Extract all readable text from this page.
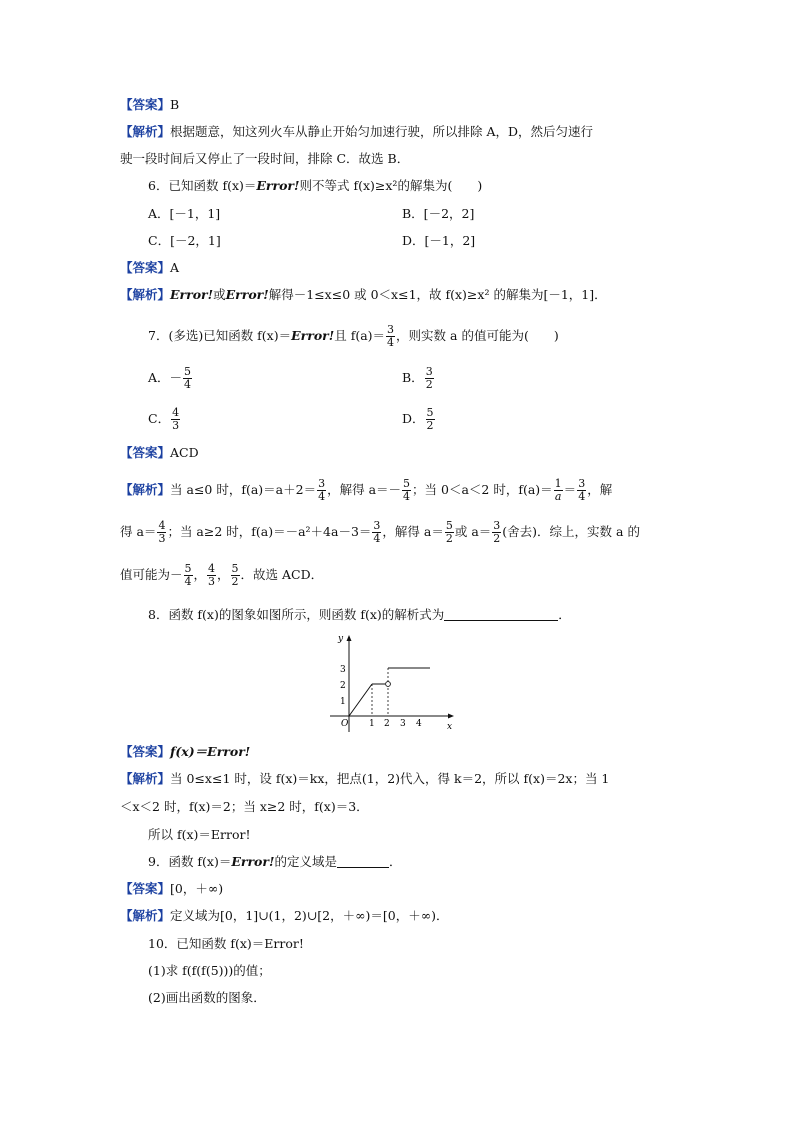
【答案】B
【解析】根据题意，知这列火车从静止开始匀加速行驶，所以排除 A，D，然后匀速行
驶一段时间后又停止了一段时间，排除 C．故选 B．
6．已知函数 f(x)＝Error!则不等式 f(x)≥x²的解集为(　　)
A．[－1，1]	B．[－2，2]
C．[－2，1]	D．[－1，2]
【答案】A
【解析】Error!或Error!解得－1≤x≤0 或 0＜x≤1，故 f(x)≥x² 的解集为[－1，1]．
7．(多选)已知函数 f(x)＝Error!且 $f(a)= \frac{3}{4}$ ，则实数 a 的值可能为(　　)
A．－ $\frac{5}{4}$	B． $\frac{3}{2}$
C． $\frac{4}{3}$	D． $\frac{5}{2}$
【答案】ACD
【解析】当 a≤0 时，$f(a)=a+2= \frac{3}{4}$ ，解得 $a=- \frac{5}{4}$ ；当 0＜a＜2 时，$f(a)= \frac{1}{a} = \frac{3}{4}$ ，解
得 $a= \frac{4}{3}$ ；当 a≥2 时，$f(a)=-a^2+4a-3= \frac{3}{4}$ ，解得 $a= \frac{5}{2}$ 或 $a= \frac{3}{2}$ (舍去)．综上，实数 a 的
值可能为－ $\frac{5}{4}$ ， $\frac{4}{3}$ ， $\frac{5}{2}$ ．故选 ACD．
8．函数 f(x)的图象如图所示，则函数 f(x)的解析式为	．
y
x
O 1 2 3 4
1
2
3
【答案】f(x)＝Error!
【解析】当 0≤x≤1 时，设 f(x)＝kx，把点(1，2)代入，得 k＝2，所以 f(x)＝2x；当 1
＜x＜2 时，f(x)＝2；当 x≥2 时，f(x)＝3．
所以 f(x)＝Error!
9．函数 f(x)＝Error!的定义域是	．
【答案】[0，＋∞)
【解析】定义域为[0，1]∪(1，2)∪[2，＋∞)＝[0，＋∞)．
10．已知函数 f(x)＝Error!
(1)求 f(f(f(5)))的值；
(2)画出函数的图象．
